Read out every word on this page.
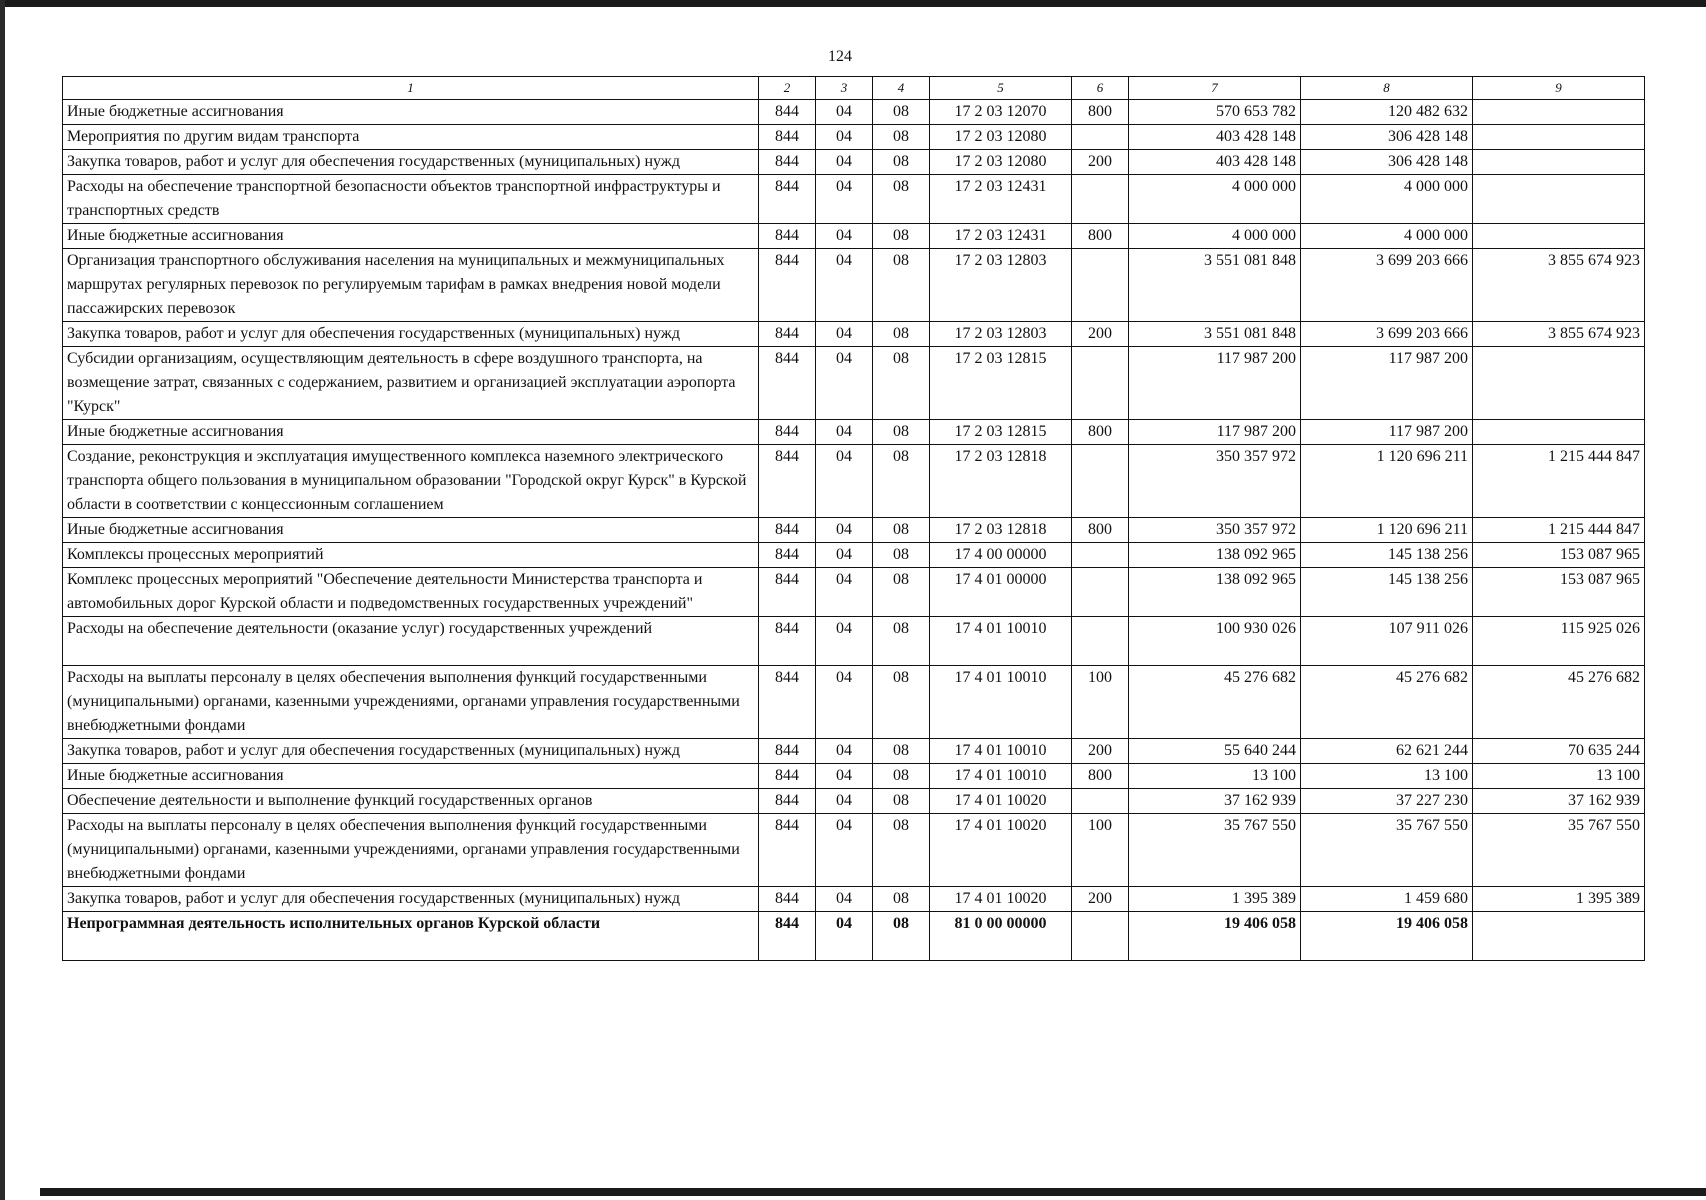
124
1	2	3	4	5	6	7	8	9
Иные бюджетные ассигнования	844	04	08	17 2 03 12070	800	570 653 782	120 482 632	
Мероприятия по другим видам транспорта	844	04	08	17 2 03 12080		403 428 148	306 428 148	
Закупка товаров, работ и услуг для обеспечения государственных (муниципальных) нужд	844	04	08	17 2 03 12080	200	403 428 148	306 428 148	
Расходы на обеспечение транспортной безопасности объектов транспортной инфраструктуры и транспортных средств	844	04	08	17 2 03 12431		4 000 000	4 000 000	
Иные бюджетные ассигнования	844	04	08	17 2 03 12431	800	4 000 000	4 000 000	
Организация транспортного обслуживания населения на муниципальных и межмуниципальных маршрутах регулярных перевозок по регулируемым тарифам в рамках внедрения новой модели пассажирских перевозок	844	04	08	17 2 03 12803		3 551 081 848	3 699 203 666	3 855 674 923
Закупка товаров, работ и услуг для обеспечения государственных (муниципальных) нужд	844	04	08	17 2 03 12803	200	3 551 081 848	3 699 203 666	3 855 674 923
Субсидии организациям, осуществляющим деятельность в сфере воздушного транспорта, на возмещение затрат, связанных с содержанием, развитием и организацией эксплуатации аэропорта "Курск"	844	04	08	17 2 03 12815		117 987 200	117 987 200	
Иные бюджетные ассигнования	844	04	08	17 2 03 12815	800	117 987 200	117 987 200	
Создание, реконструкция и эксплуатация имущественного комплекса наземного электрического транспорта общего пользования в муниципальном образовании "Городской округ Курск" в Курской области в соответствии с концессионным соглашением	844	04	08	17 2 03 12818		350 357 972	1 120 696 211	1 215 444 847
Иные бюджетные ассигнования	844	04	08	17 2 03 12818	800	350 357 972	1 120 696 211	1 215 444 847
Комплексы процессных мероприятий	844	04	08	17 4 00 00000		138 092 965	145 138 256	153 087 965
Комплекс процессных мероприятий "Обеспечение деятельности Министерства транспорта и автомобильных дорог Курской области и подведомственных государственных учреждений"	844	04	08	17 4 01 00000		138 092 965	145 138 256	153 087 965
Расходы на обеспечение деятельности (оказание услуг) государственных учреждений	844	04	08	17 4 01 10010		100 930 026	107 911 026	115 925 026
Расходы на выплаты персоналу в целях обеспечения выполнения функций государственными (муниципальными) органами, казенными учреждениями, органами управления государственными внебюджетными фондами	844	04	08	17 4 01 10010	100	45 276 682	45 276 682	45 276 682
Закупка товаров, работ и услуг для обеспечения государственных (муниципальных) нужд	844	04	08	17 4 01 10010	200	55 640 244	62 621 244	70 635 244
Иные бюджетные ассигнования	844	04	08	17 4 01 10010	800	13 100	13 100	13 100
Обеспечение деятельности и выполнение функций государственных органов	844	04	08	17 4 01 10020		37 162 939	37 227 230	37 162 939
Расходы на выплаты персоналу в целях обеспечения выполнения функций государственными (муниципальными) органами, казенными учреждениями, органами управления государственными внебюджетными фондами	844	04	08	17 4 01 10020	100	35 767 550	35 767 550	35 767 550
Закупка товаров, работ и услуг для обеспечения государственных (муниципальных) нужд	844	04	08	17 4 01 10020	200	1 395 389	1 459 680	1 395 389
Непрограммная деятельность исполнительных органов Курской области	844	04	08	81 0 00 00000		19 406 058	19 406 058	
